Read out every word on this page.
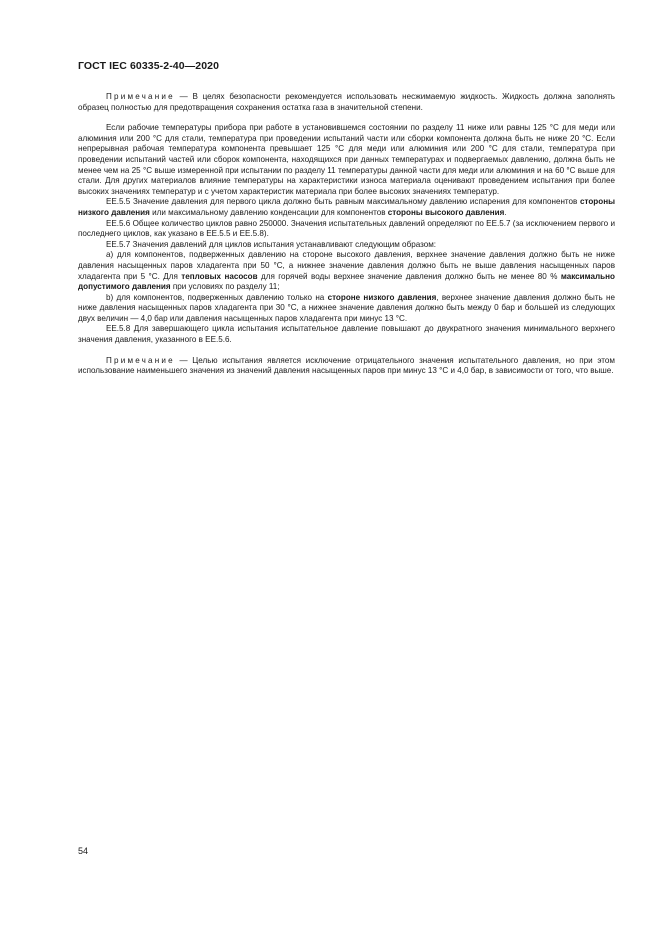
ГОСТ IEC 60335-2-40—2020

Примечание — В целях безопасности рекомендуется использовать несжимаемую жидкость. Жидкость должна заполнять образец полностью для предотвращения сохранения остатка газа в значительной степени.

Если рабочие температуры прибора при работе в установившемся состоянии по разделу 11 ниже или равны 125 °С для меди или алюминия или 200 °С для стали, температура при проведении испытаний части или сборки компонента должна быть не ниже 20 °С. Если непрерывная рабочая температура компонента превышает 125 °С для меди или алюминия или 200 °С для стали, температура при проведении испытаний частей или сборок компонента, находящихся при данных температурах и подвергаемых давлению, должна быть не менее чем на 25 °С выше измеренной при испытании по разделу 11 температуры данной части для меди или алюминия и на 60 °С выше для стали. Для других материалов влияние температуры на характеристики износа материала оценивают проведением испытания при более высоких значениях температур и с учетом характеристик материала при более высоких значениях температур.

ЕЕ.5.5 Значение давления для первого цикла должно быть равным максимальному давлению испарения для компонентов стороны низкого давления или максимальному давлению конденсации для компонентов стороны высокого давления.

ЕЕ.5.6 Общее количество циклов равно 250000. Значения испытательных давлений определяют по ЕЕ.5.7 (за исключением первого и последнего циклов, как указано в ЕЕ.5.5 и ЕЕ.5.8).

ЕЕ.5.7 Значения давлений для циклов испытания устанавливают следующим образом:

а) для компонентов, подверженных давлению на стороне высокого давления, верхнее значение давления должно быть не ниже давления насыщенных паров хладагента при 50 °С, а нижнее значение давления должно быть не выше давления насыщенных паров хладагента при 5 °С. Для тепловых насосов для горячей воды верхнее значение давления должно быть не менее 80 % максимально допустимого давления при условиях по разделу 11;

b) для компонентов, подверженных давлению только на стороне низкого давления, верхнее значение давления должно быть не ниже давления насыщенных паров хладагента при 30 °С, а нижнее значение давления должно быть между 0 бар и большей из следующих двух величин — 4,0 бар или давления насыщенных паров хладагента при минус 13 °С.

ЕЕ.5.8 Для завершающего цикла испытания испытательное давление повышают до двукратного значения минимального верхнего значения давления, указанного в ЕЕ.5.6.

Примечание — Целью испытания является исключение отрицательного значения испытательного давления, но при этом использование наименьшего значения из значений давления насыщенных паров при минус 13 °С и 4,0 бар, в зависимости от того, что выше.

54
